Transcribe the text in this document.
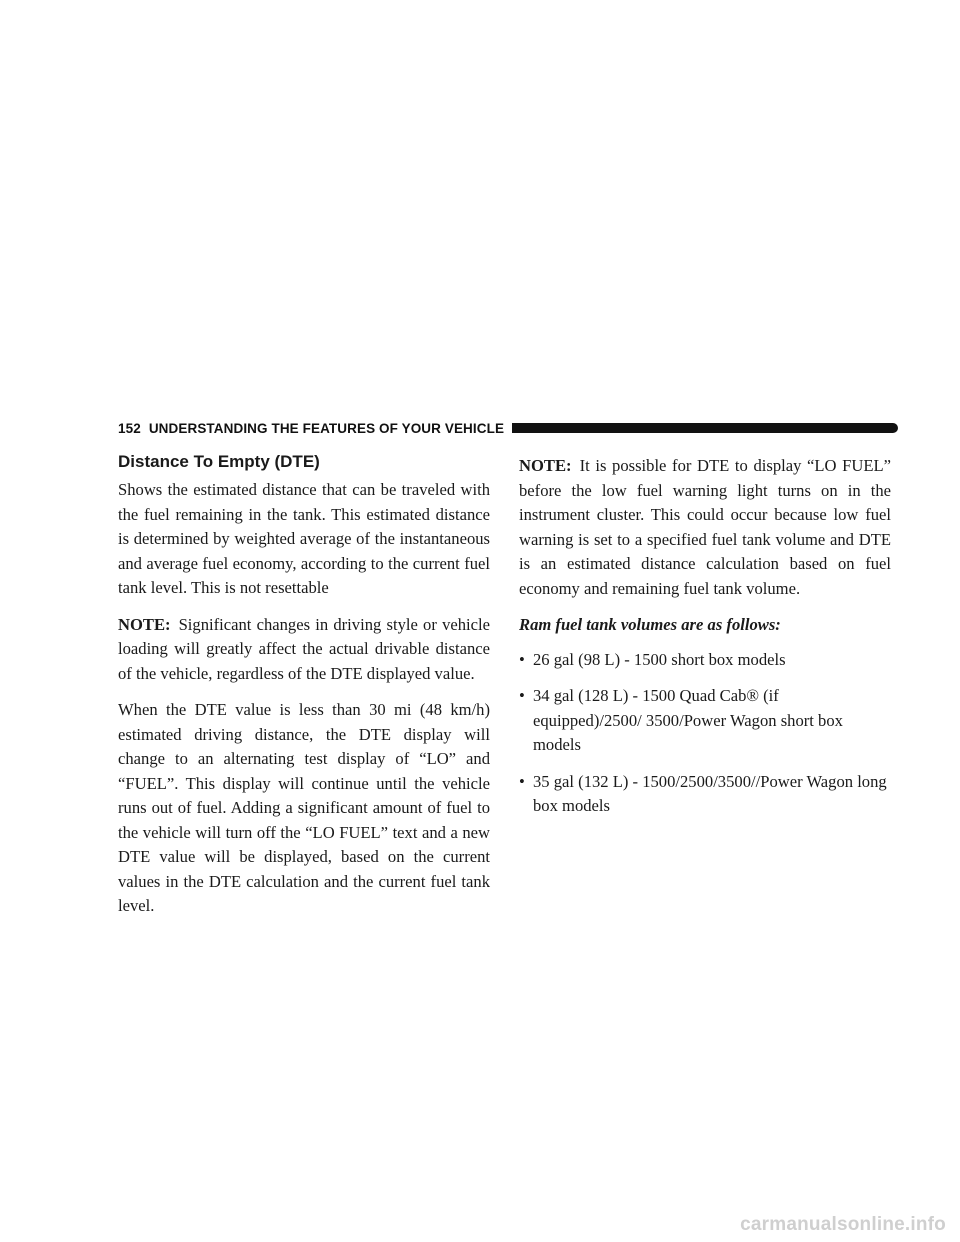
152 UNDERSTANDING THE FEATURES OF YOUR VEHICLE
Distance To Empty (DTE)

Shows the estimated distance that can be traveled with the fuel remaining in the tank. This estimated distance is determined by weighted average of the instantaneous and average fuel economy, according to the current fuel tank level. This is not resettable

NOTE: Significant changes in driving style or vehicle loading will greatly affect the actual drivable distance of the vehicle, regardless of the DTE displayed value.

When the DTE value is less than 30 mi (48 km/h) estimated driving distance, the DTE display will change to an alternating test display of “LO” and “FUEL”. This display will continue until the vehicle runs out of fuel. Adding a significant amount of fuel to the vehicle will turn off the “LO FUEL” text and a new DTE value will be displayed, based on the current values in the DTE calculation and the current fuel tank level.

NOTE: It is possible for DTE to display “LO FUEL” before the low fuel warning light turns on in the instrument cluster. This could occur because low fuel warning is set to a specified fuel tank volume and DTE is an estimated distance calculation based on fuel economy and remaining fuel tank volume.

Ram fuel tank volumes are as follows:

• 26 gal (98 L) - 1500 short box models
• 34 gal (128 L) - 1500 Quad Cab® (if equipped)/2500/ 3500/Power Wagon short box models
• 35 gal (132 L) - 1500/2500/3500//Power Wagon long box models
carmanualsonline.info
